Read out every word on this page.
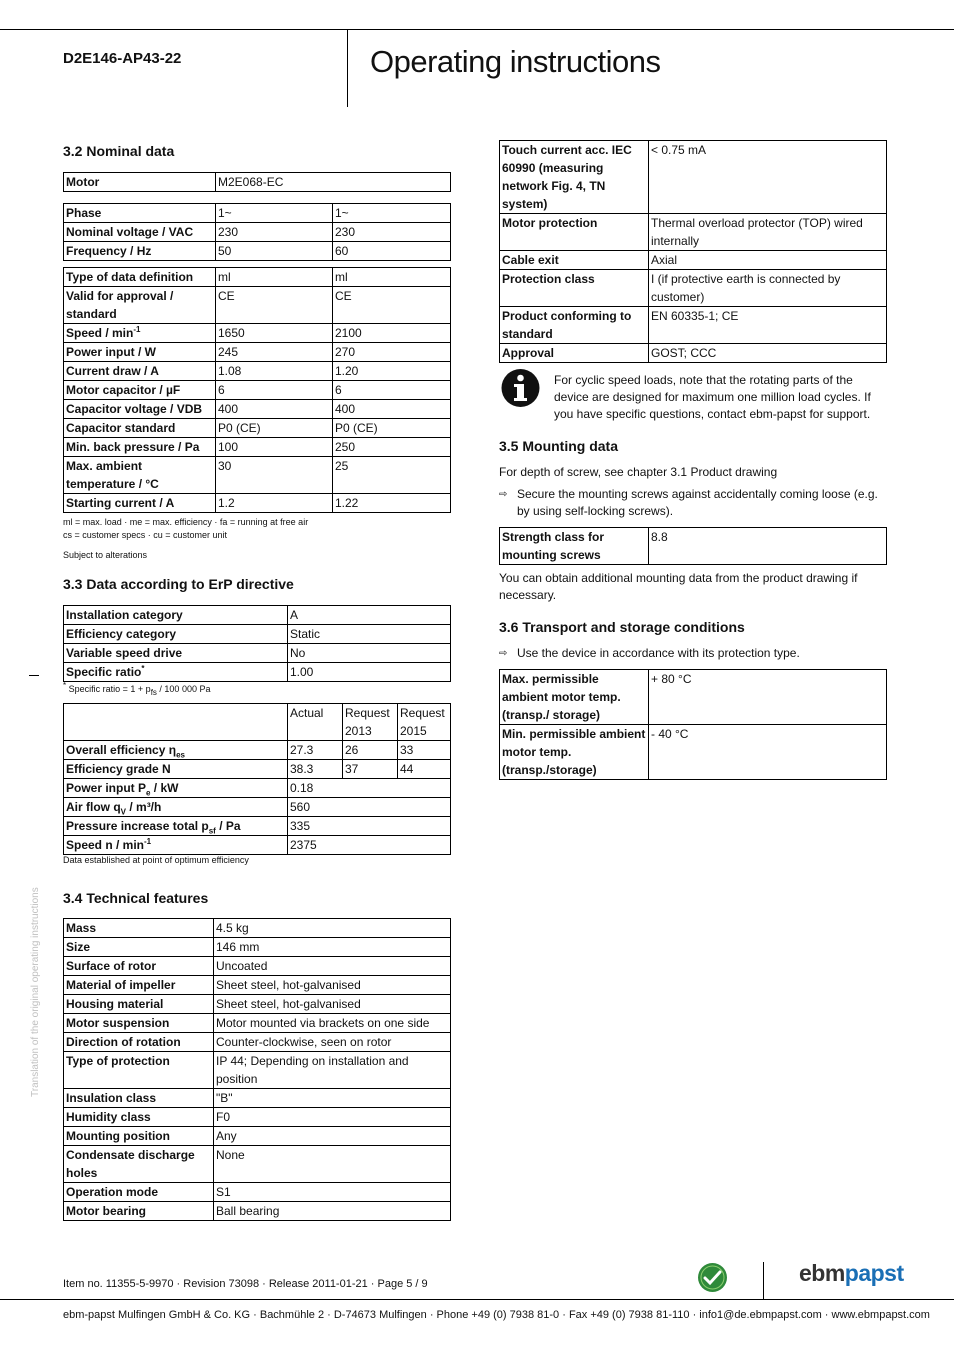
D2E146-AP43-22	Operating instructions
3.2 Nominal data
Motor	M2E068-EC
Phase	1~	1~
Nominal voltage / VAC	230	230
Frequency / Hz	50	60
Type of data definition	ml	ml
Valid for approval / standard	CE	CE
Speed / $\min^{-1}$	1650	2100
Power input / W	245	270
Current draw / A	1.08	1.20
Motor capacitor / µF	6	6
Capacitor voltage / VDB	400	400
Capacitor standard	P0 (CE)	P0 (CE)
Min. back pressure / Pa	100	250
Max. ambient temperature / °C	30	25
Starting current / A	1.2	1.22
ml = max. load · me = max. efficiency · fa = running at free air
cs = customer specs · cu = customer unit
Subject to alterations
3.3 Data according to ErP directive
Installation category	A
Efficiency category	Static
Variable speed drive	No
Specific ratio*	1.00
* Specific ratio = $1 + p_{fs} / 100$ 000 Pa
	Actual	Request 2013	Request 2015
Overall efficiency $\eta_{es}$	27.3	26	33
Efficiency grade N	38.3	37	44
Power input $P_e$ / kW	0.18		
Air flow $q_V / m^3/h$	560		
Pressure increase total $p_{sf}$ / Pa	335		
Speed n / $\min^{-1}$	2375		
Data established at point of optimum efficiency
3.4 Technical features
Mass	4.5 kg
Size	146 mm
Surface of rotor	Uncoated
Material of impeller	Sheet steel, hot-galvanised
Housing material	Sheet steel, hot-galvanised
Motor suspension	Motor mounted via brackets on one side
Direction of rotation	Counter-clockwise, seen on rotor
Type of protection	IP 44; Depending on installation and position
Insulation class	"B"
Humidity class	F0
Mounting position	Any
Condensate discharge holes	None
Operation mode	S1
Motor bearing	Ball bearing
Touch current acc. IEC 60990 (measuring network Fig. 4, TN system)	< 0.75 mA
Motor protection	Thermal overload protector (TOP) wired internally
Cable exit	Axial
Protection class	I (if protective earth is connected by customer)
Product conforming to standard	EN 60335-1; CE
Approval	GOST; CCC
For cyclic speed loads, note that the rotating parts of the device are designed for maximum one million load cycles. If you have specific questions, contact ebm-papst for support.
3.5 Mounting data
For depth of screw, see chapter 3.1 Product drawing
⇨ Secure the mounting screws against accidentally coming loose (e.g. by using self-locking screws).
Strength class for mounting screws	8.8
You can obtain additional mounting data from the product drawing if necessary.
3.6 Transport and storage conditions
⇨ Use the device in accordance with its protection type.
Max. permissible ambient motor temp. (transp./ storage)	+ 80 °C
Min. permissible ambient motor temp. (transp./storage)	- 40 °C
Translation of the original operating instructions
Item no. 11355-5-9970 · Revision 73098 · Release 2011-01-21 · Page 5 / 9	ebmpapst
ebm-papst Mulfingen GmbH & Co. KG · Bachmühle 2 · D-74673 Mulfingen · Phone +49 (0) 7938 81-0 · Fax +49 (0) 7938 81-110 · info1@de.ebmpapst.com · www.ebmpapst.com
